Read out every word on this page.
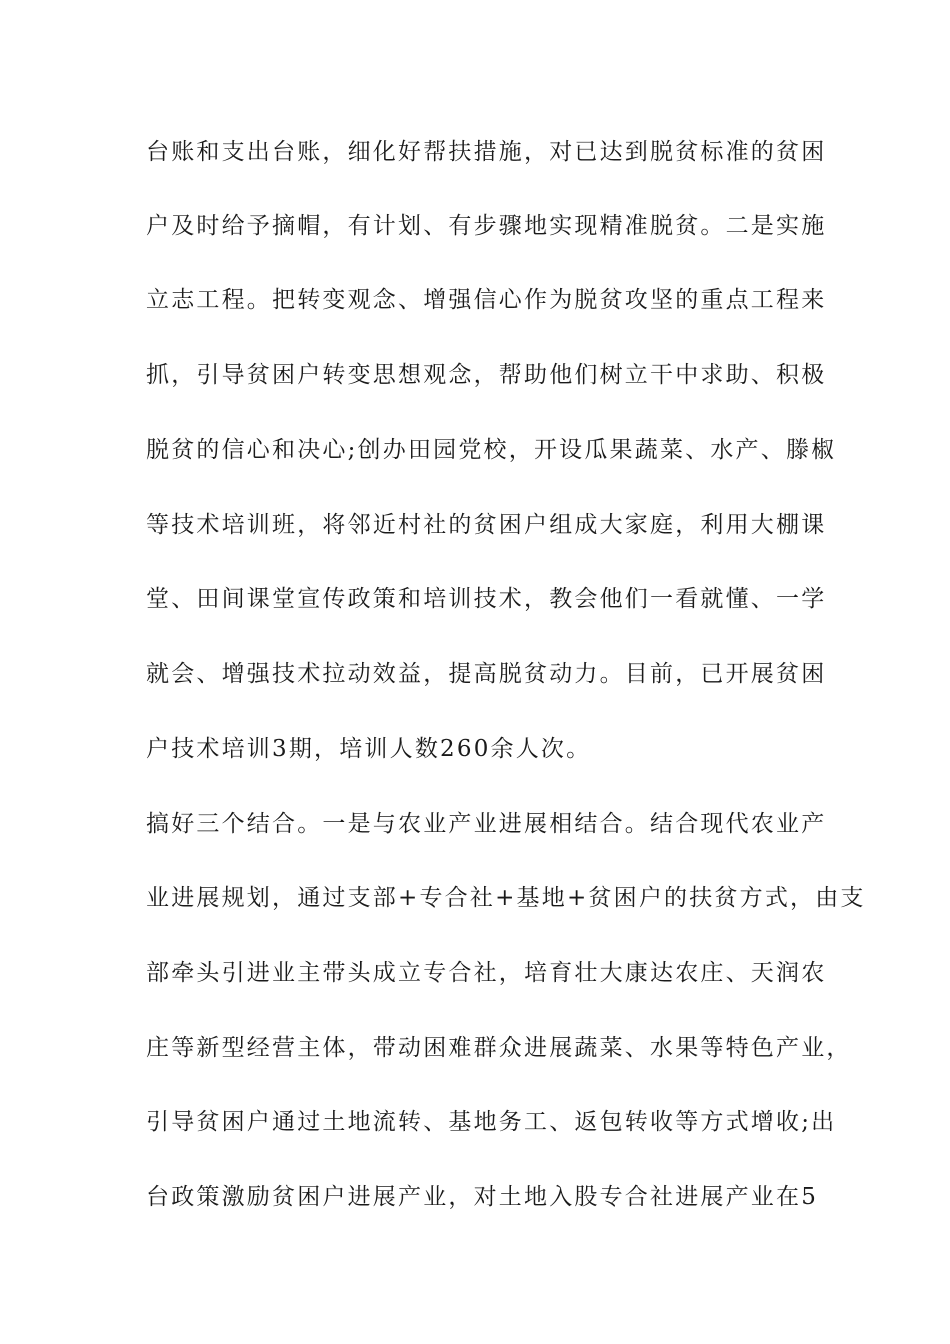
台账和支出台账，细化好帮扶措施，对已达到脱贫标准的贫困
户及时给予摘帽，有计划、有步骤地实现精准脱贫。二是实施
立志工程。把转变观念、增强信心作为脱贫攻坚的重点工程来
抓，引导贫困户转变思想观念，帮助他们树立干中求助、积极
脱贫的信心和决心;创办田园党校，开设瓜果蔬菜、水产、滕椒
等技术培训班，将邻近村社的贫困户组成大家庭，利用大棚课
堂、田间课堂宣传政策和培训技术，教会他们一看就懂、一学
就会、增强技术拉动效益，提高脱贫动力。目前，已开展贫困
户技术培训3期，培训人数260余人次。
搞好三个结合。一是与农业产业进展相结合。结合现代农业产
业进展规划，通过支部+专合社+基地+贫困户的扶贫方式，由支
部牵头引进业主带头成立专合社，培育壮大康达农庄、天润农
庄等新型经营主体，带动困难群众进展蔬菜、水果等特色产业，
引导贫困户通过土地流转、基地务工、返包转收等方式增收;出
台政策激励贫困户进展产业，对土地入股专合社进展产业在5
